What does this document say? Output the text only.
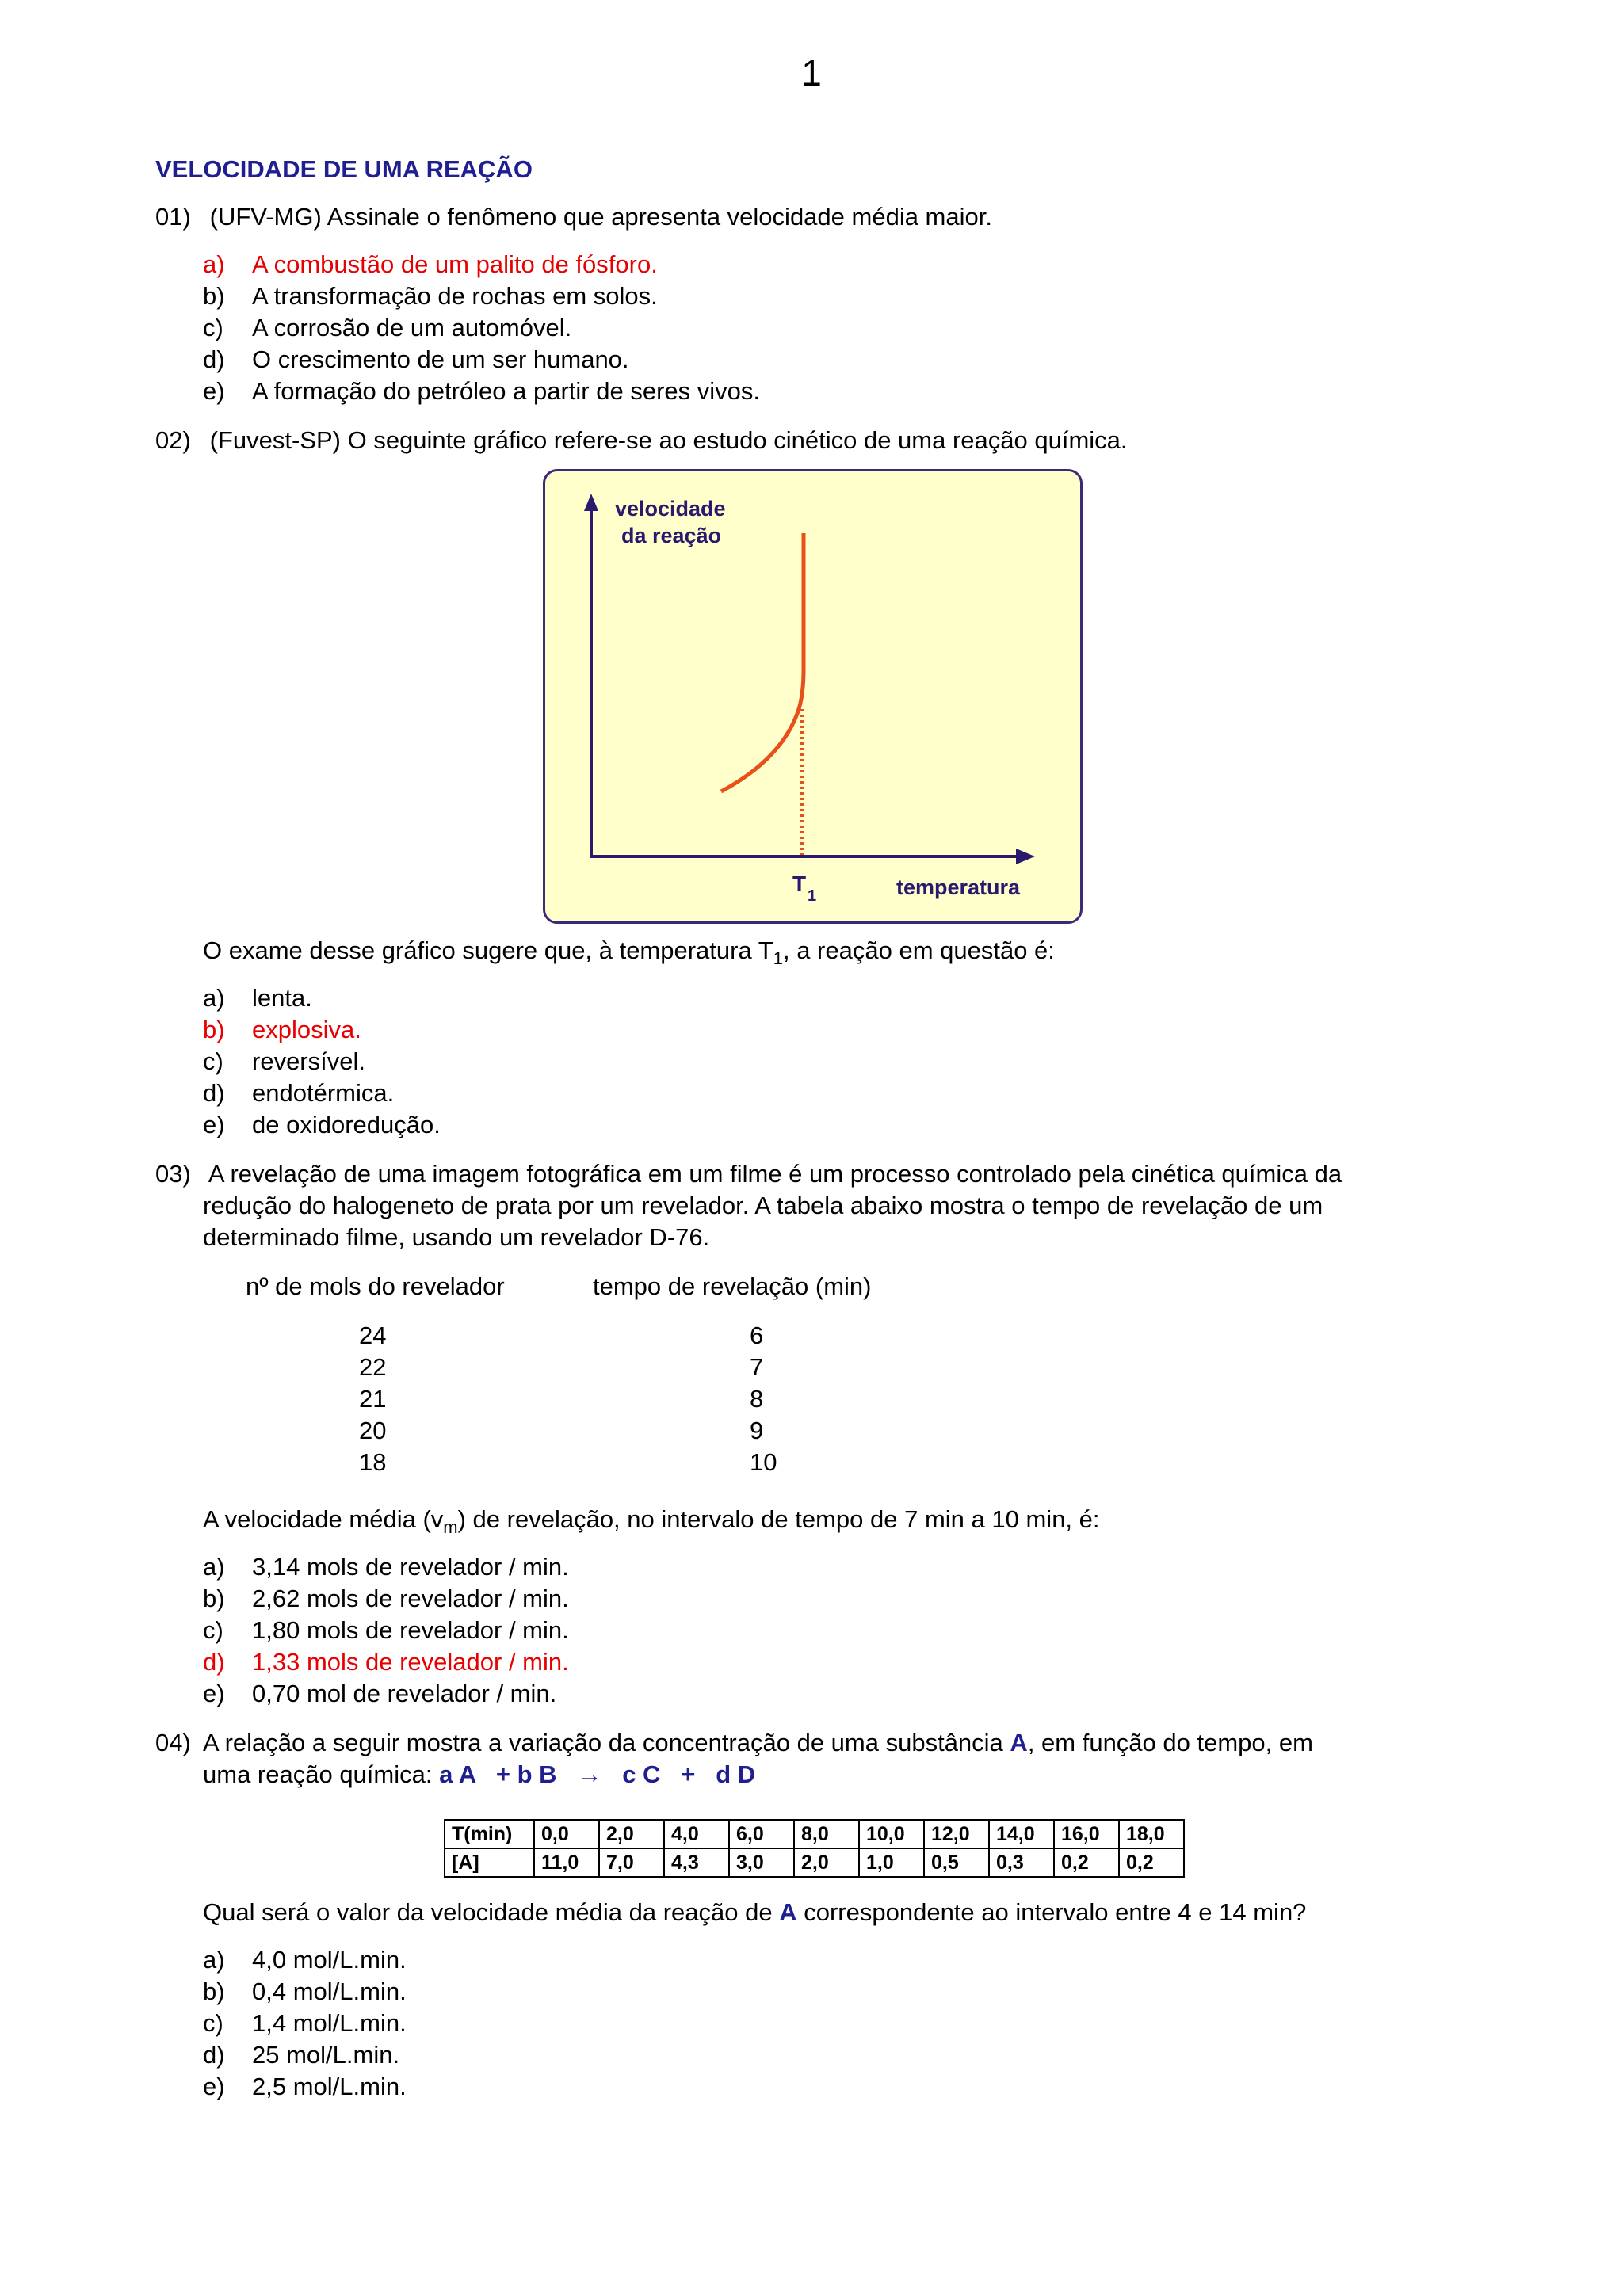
1
VELOCIDADE DE UMA REAÇÃO
01) (UFV-MG) Assinale o fenômeno que apresenta velocidade média maior.
a) A combustão de um palito de fósforo.
b) A transformação de rochas em solos.
c) A corrosão de um automóvel.
d) O crescimento de um ser humano.
e) A formação do petróleo a partir de seres vivos.
02) (Fuvest-SP) O seguinte gráfico refere-se ao estudo cinético de uma reação química.
velocidade
da reação
T 1	temperatura
O exame desse gráfico sugere que, à temperatura $T_1$, a reação em questão é:
a) lenta.
b) explosiva.
c) reversível.
d) endotérmica.
e) de oxidoredução.
03) A revelação de uma imagem fotográfica em um filme é um processo controlado pela cinética química da
redução do halogeneto de prata por um revelador. A tabela abaixo mostra o tempo de revelação de um
determinado filme, usando um revelador D-76.
nº de mols do revelador	tempo de revelação (min)
24	6
22	7
21	8
20	9
18	10
A velocidade média $(v_m)$ de revelação, no intervalo de tempo de 7 min a 10 min, é:
a) 3,14 mols de revelador / min.
b) 2,62 mols de revelador / min.
c) 1,80 mols de revelador / min.
d) 1,33 mols de revelador / min.
e) 0,70 mol de revelador / min.
04) A relação a seguir mostra a variação da concentração de uma substância A, em função do tempo, em
uma reação química: a A   + b B   →   c C   +   d D
T(min)	0,0	2,0	4,0	6,0	8,0	10,0	12,0	14,0	16,0	18,0
[A]	11,0	7,0	4,3	3,0	2,0	1,0	0,5	0,3	0,2	0,2
Qual será o valor da velocidade média da reação de A correspondente ao intervalo entre 4 e 14 min?
a) 4,0 mol/L.min.
b) 0,4 mol/L.min.
c) 1,4 mol/L.min.
d) 25 mol/L.min.
e) 2,5 mol/L.min.
